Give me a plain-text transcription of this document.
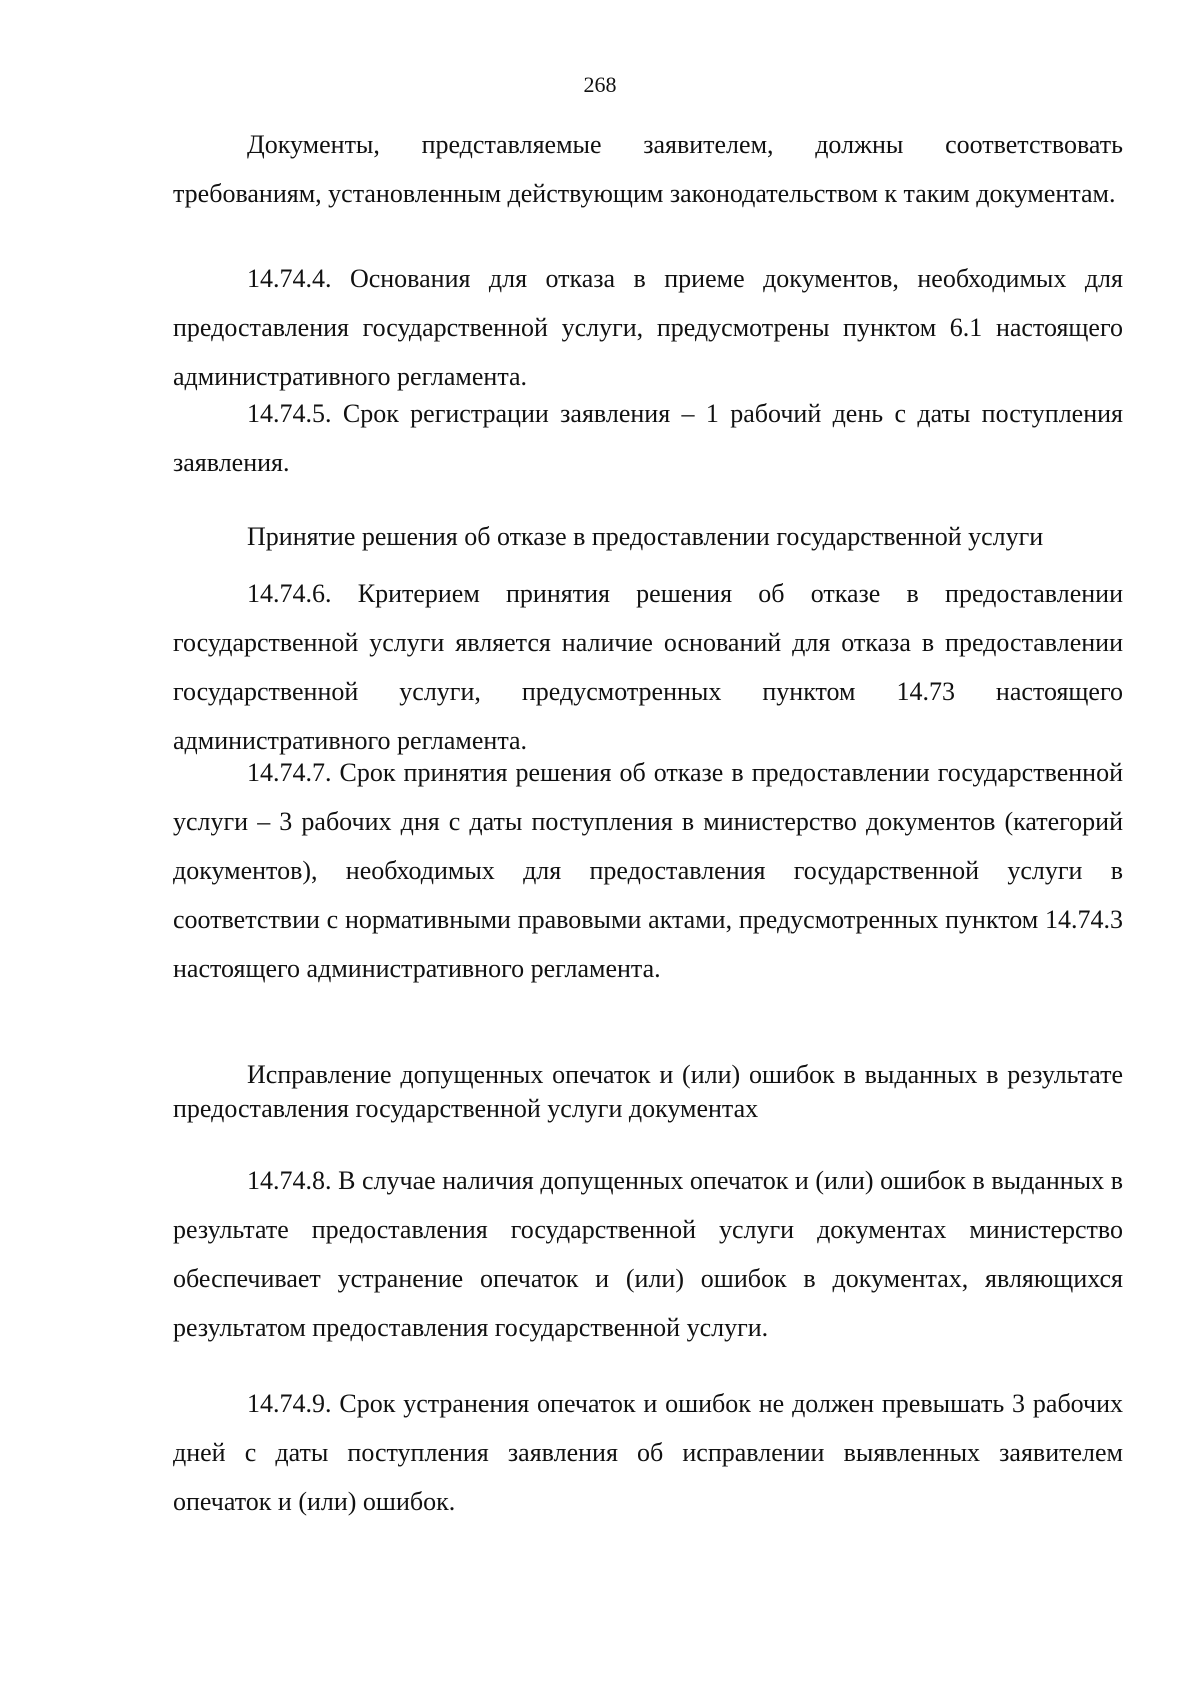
268

Документы, представляемые заявителем, должны соответствовать требованиям, установленным действующим законодательством к таким документам.

14.74.4. Основания для отказа в приеме документов, необходимых для предоставления государственной услуги, предусмотрены пунктом 6.1 настоящего административного регламента.

14.74.5. Срок регистрации заявления – 1 рабочий день с даты поступления заявления.

Принятие решения об отказе в предоставлении государственной услуги

14.74.6. Критерием принятия решения об отказе в предоставлении государственной услуги является наличие оснований для отказа в предоставлении государственной услуги, предусмотренных пунктом 14.73 настоящего административного регламента.

14.74.7. Срок принятия решения об отказе в предоставлении государственной услуги – 3 рабочих дня с даты поступления в министерство документов (категорий документов), необходимых для предоставления государственной услуги в соответствии с нормативными правовыми актами, предусмотренных пунктом 14.74.3 настоящего административного регламента.

Исправление допущенных опечаток и (или) ошибок в выданных в результате предоставления государственной услуги документах

14.74.8. В случае наличия допущенных опечаток и (или) ошибок в выданных в результате предоставления государственной услуги документах министерство обеспечивает устранение опечаток и (или) ошибок в документах, являющихся результатом предоставления государственной услуги.

14.74.9. Срок устранения опечаток и ошибок не должен превышать 3 рабочих дней с даты поступления заявления об исправлении выявленных заявителем опечаток и (или) ошибок.
